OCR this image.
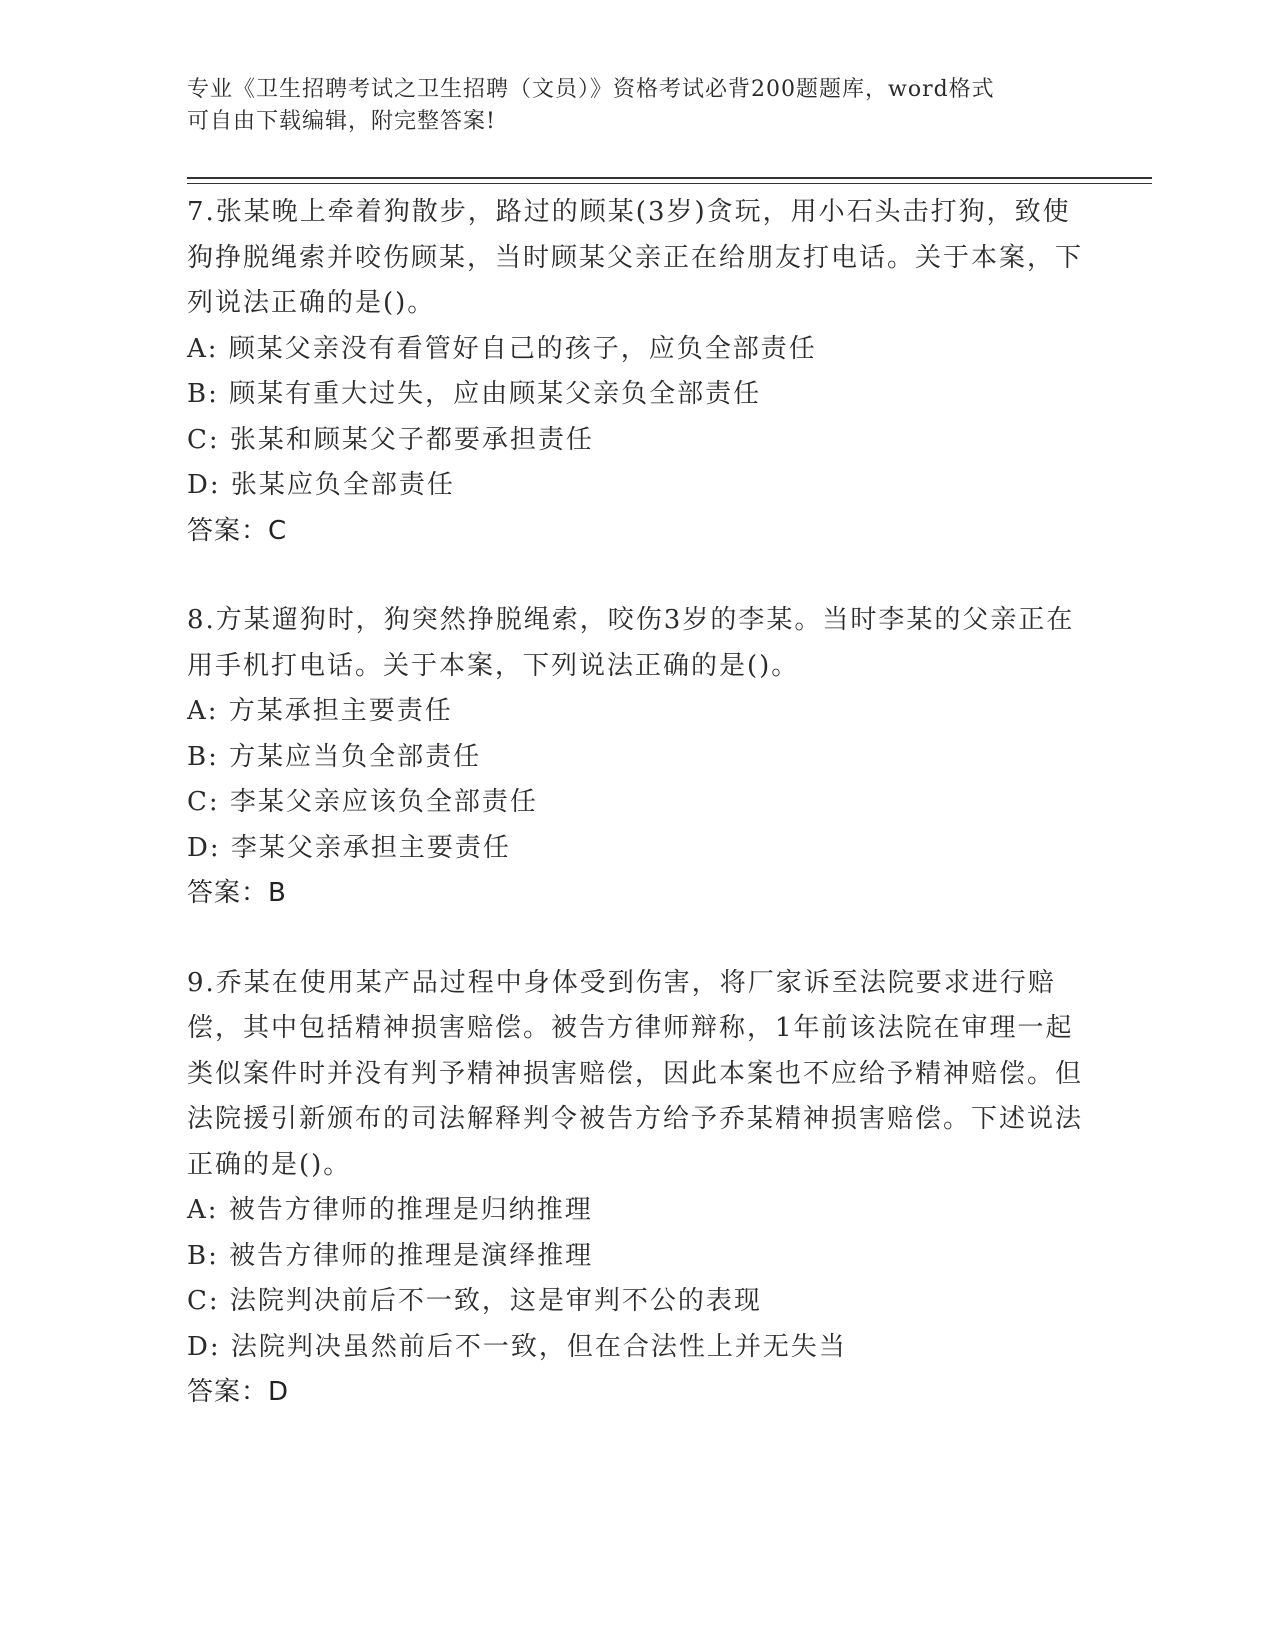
专业《卫生招聘考试之卫生招聘（文员）》资格考试必背200题题库，word格式
可自由下载编辑，附完整答案!
7.张某晚上牵着狗散步，路过的顾某(3岁)贪玩，用小石头击打狗，致使狗挣脱绳索并咬伤顾某，当时顾某父亲正在给朋友打电话。关于本案，下列说法正确的是()。
A: 顾某父亲没有看管好自己的孩子，应负全部责任
B: 顾某有重大过失，应由顾某父亲负全部责任
C: 张某和顾某父子都要承担责任
D: 张某应负全部责任
答案：C
8.方某遛狗时，狗突然挣脱绳索，咬伤3岁的李某。当时李某的父亲正在用手机打电话。关于本案，下列说法正确的是()。
A: 方某承担主要责任
B: 方某应当负全部责任
C: 李某父亲应该负全部责任
D: 李某父亲承担主要责任
答案：B
9.乔某在使用某产品过程中身体受到伤害，将厂家诉至法院要求进行赔偿，其中包括精神损害赔偿。被告方律师辩称，1年前该法院在审理一起类似案件时并没有判予精神损害赔偿，因此本案也不应给予精神赔偿。但法院援引新颁布的司法解释判令被告方给予乔某精神损害赔偿。下述说法正确的是()。
A: 被告方律师的推理是归纳推理
B: 被告方律师的推理是演绎推理
C: 法院判决前后不一致，这是审判不公的表现
D: 法院判决虽然前后不一致，但在合法性上并无失当
答案：D
